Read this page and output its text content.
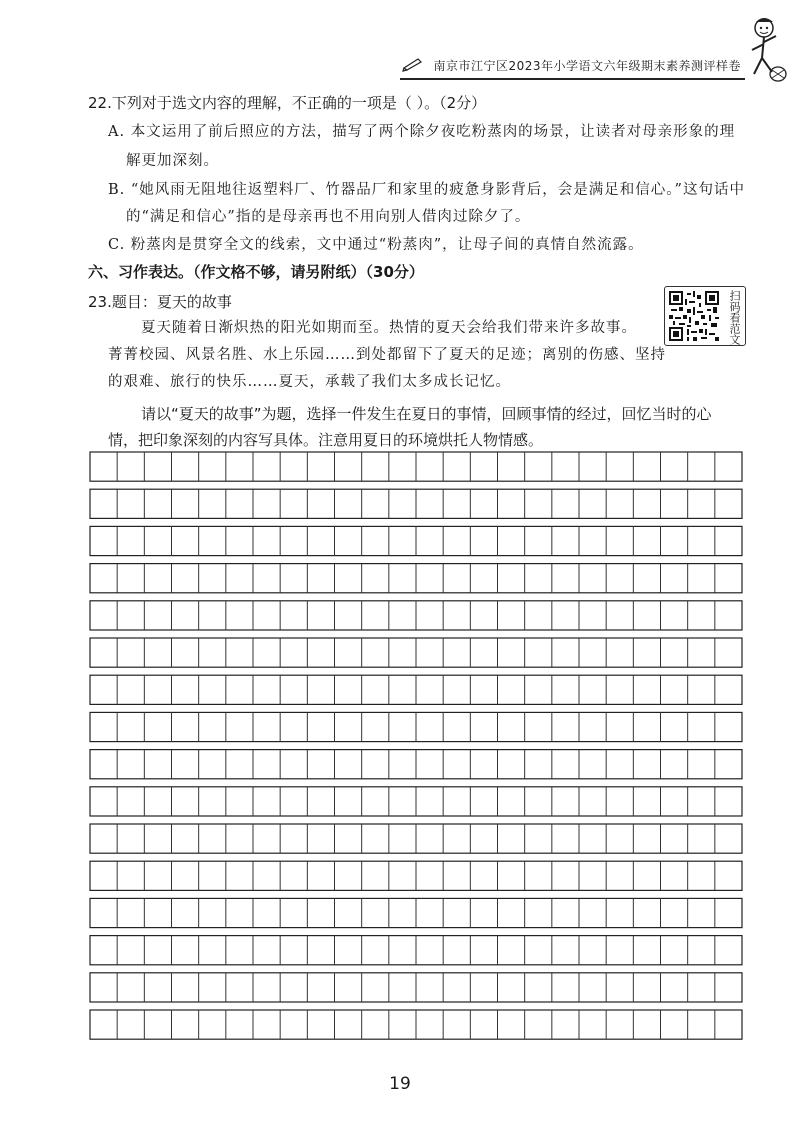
南京市江宁区2023年小学语文六年级期末素养测评样卷
22.下列对于选文内容的理解，不正确的一项是（ ）。（2分）
A. 本文运用了前后照应的方法，描写了两个除夕夜吃粉蒸肉的场景，让读者对母亲形象的理
解更加深刻。
B. “她风雨无阻地往返塑料厂、竹器品厂和家里的疲惫身影背后，会是满足和信心。”这句话中
的“满足和信心”指的是母亲再也不用向别人借肉过除夕了。
C. 粉蒸肉是贯穿全文的线索，文中通过“粉蒸肉”，让母子间的真情自然流露。
六、习作表达。（作文格不够，请另附纸）（30分）
23.题目：夏天的故事	扫码看范文
夏天随着日渐炽热的阳光如期而至。热情的夏天会给我们带来许多故事。
菁菁校园、风景名胜、水上乐园……到处都留下了夏天的足迹；离别的伤感、坚持
的艰难、旅行的快乐……夏天，承载了我们太多成长记忆。
请以“夏天的故事”为题，选择一件发生在夏日的事情，回顾事情的经过，回忆当时的心
情，把印象深刻的内容写具体。注意用夏日的环境烘托人物情感。
19
